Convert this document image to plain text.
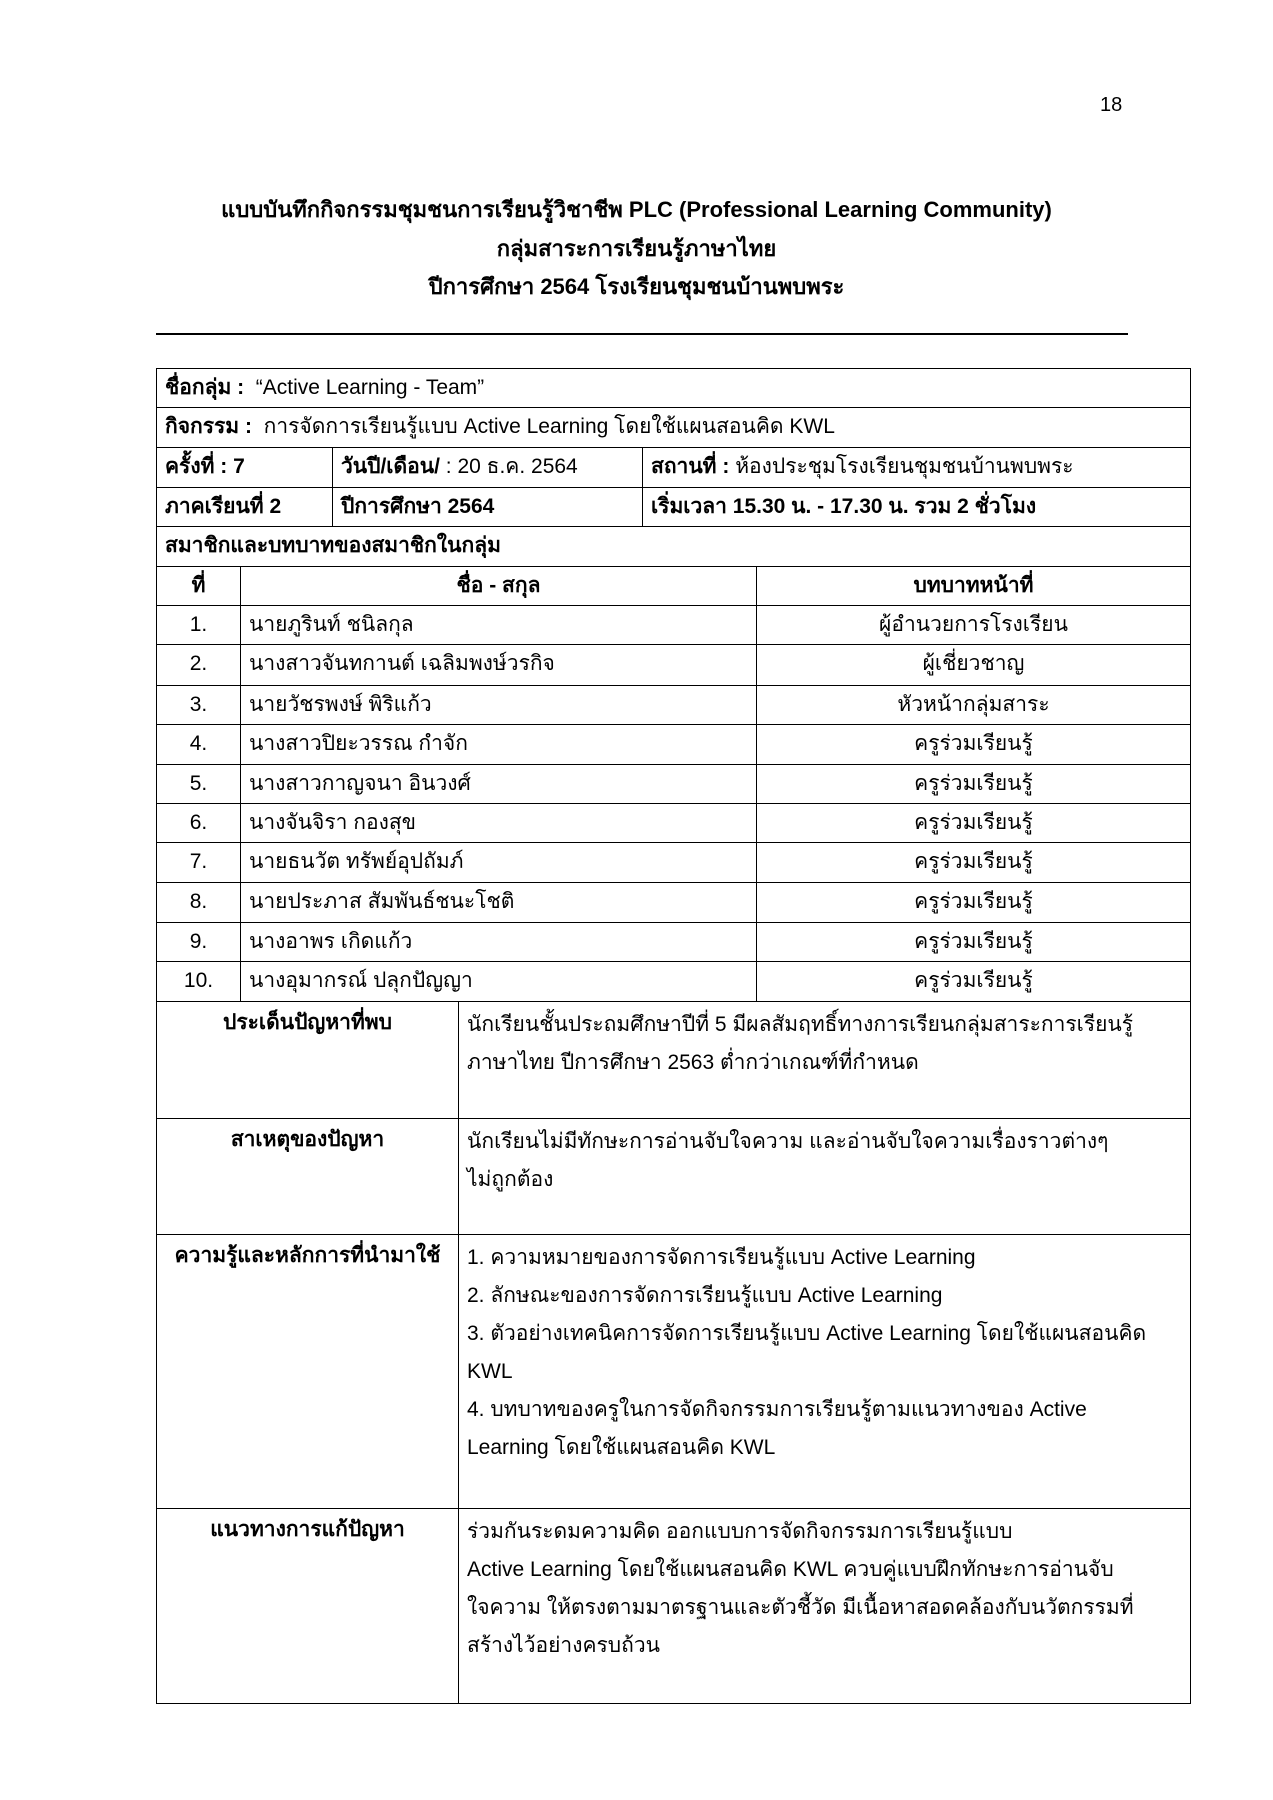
18
แบบบันทึกกิจกรรมชุมชนการเรียนรู้วิชาชีพ PLC (Professional Learning Community)
กลุ่มสาระการเรียนรู้ภาษาไทย
ปีการศึกษา 2564 โรงเรียนชุมชนบ้านพบพระ
ชื่อกลุ่ม : “Active Learning - Team”
กิจกรรม : การจัดการเรียนรู้แบบ Active Learning โดยใช้แผนสอนคิด KWL
ครั้งที่ : 7	วันปี/เดือน/ : 20 ธ.ค. 2564	สถานที่ : ห้องประชุมโรงเรียนชุมชนบ้านพบพระ
ภาคเรียนที่ 2	ปีการศึกษา 2564	เริ่มเวลา 15.30 น. - 17.30 น. รวม 2 ชั่วโมง
สมาชิกและบทบาทของสมาชิกในกลุ่ม
ที่	ชื่อ - สกุล	บทบาทหน้าที่
1.	นายภูรินท์ ชนิลกุล	ผู้อำนวยการโรงเรียน
2.	นางสาวจันทกานต์ เฉลิมพงษ์วรกิจ	ผู้เชี่ยวชาญ
3.	นายวัชรพงษ์ พิริแก้ว	หัวหน้ากลุ่มสาระ
4.	นางสาวปิยะวรรณ กำจัก	ครูร่วมเรียนรู้
5.	นางสาวกาญจนา อินวงศ์	ครูร่วมเรียนรู้
6.	นางจันจิรา กองสุข	ครูร่วมเรียนรู้
7.	นายธนวัต ทรัพย์อุปถัมภ์	ครูร่วมเรียนรู้
8.	นายประภาส สัมพันธ์ชนะโชติ	ครูร่วมเรียนรู้
9.	นางอาพร เกิดแก้ว	ครูร่วมเรียนรู้
10.	นางอุมากรณ์ ปลุกปัญญา	ครูร่วมเรียนรู้
ประเด็นปัญหาที่พบ	นักเรียนชั้นประถมศึกษาปีที่ 5 มีผลสัมฤทธิ์ทางการเรียนกลุ่มสาระการเรียนรู้
ภาษาไทย ปีการศึกษา 2563 ต่ำกว่าเกณฑ์ที่กำหนด
สาเหตุของปัญหา	นักเรียนไม่มีทักษะการอ่านจับใจความ และอ่านจับใจความเรื่องราวต่างๆ
ไม่ถูกต้อง
ความรู้และหลักการที่นำมาใช้	1. ความหมายของการจัดการเรียนรู้แบบ Active Learning
2. ลักษณะของการจัดการเรียนรู้แบบ Active Learning
3. ตัวอย่างเทคนิคการจัดการเรียนรู้แบบ Active Learning โดยใช้แผนสอนคิด
KWL
4. บทบาทของครูในการจัดกิจกรรมการเรียนรู้ตามแนวทางของ Active
Learning โดยใช้แผนสอนคิด KWL
แนวทางการแก้ปัญหา	ร่วมกันระดมความคิด ออกแบบการจัดกิจกรรมการเรียนรู้แบบ
Active Learning โดยใช้แผนสอนคิด KWL ควบคู่แบบฝึกทักษะการอ่านจับ
ใจความ ให้ตรงตามมาตรฐานและตัวชี้วัด มีเนื้อหาสอดคล้องกับนวัตกรรมที่
สร้างไว้อย่างครบถ้วน
